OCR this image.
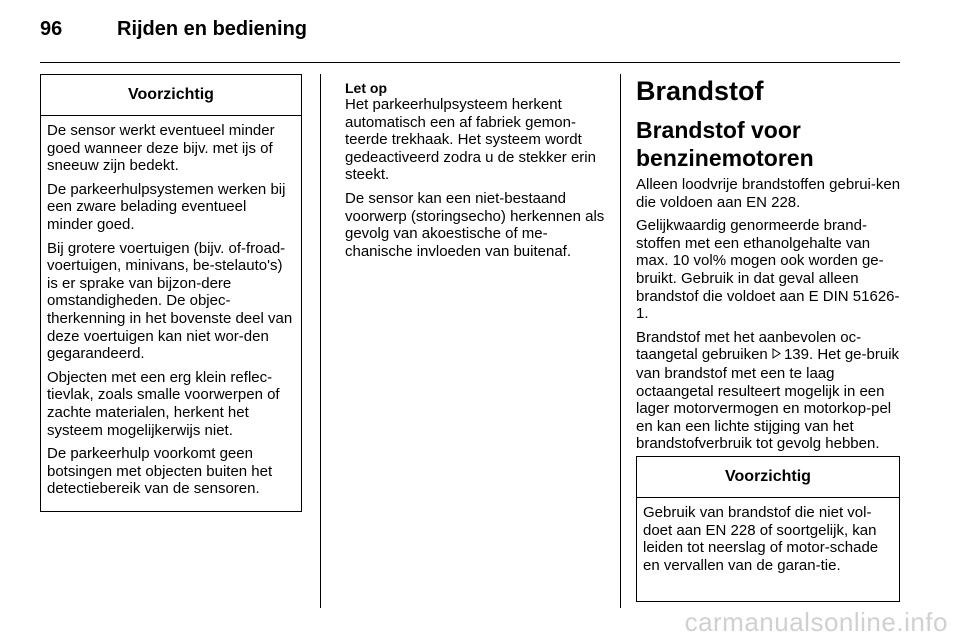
96	Rijden en bediening
Voorzichtig

De sensor werkt eventueel minder goed wanneer deze bijv. met ijs of sneeuw zijn bedekt.

De parkeerhulpsystemen werken bij een zware belading eventueel minder goed.

Bij grotere voertuigen (bijv. of-froad-voertuigen, minivans, be-stelauto's) is er sprake van bijzon-dere omstandigheden. De objec-therkenning in het bovenste deel van deze voertuigen kan niet wor-den gegarandeerd.

Objecten met een erg klein reflec-tievlak, zoals smalle voorwerpen of zachte materialen, herkent het systeem mogelijkerwijs niet.

De parkeerhulp voorkomt geen botsingen met objecten buiten het detectiebereik van de sensoren.

Let op

Het parkeerhulpsysteem herkent automatisch een af fabriek gemon-teerde trekhaak. Het systeem wordt gedeactiveerd zodra u de stekker erin steekt.

De sensor kan een niet-bestaand voorwerp (storingsecho) herkennen als gevolg van akoestische of me-chanische invloeden van buitenaf.

Brandstof
Brandstof voor benzinemotoren

Alleen loodvrije brandstoffen gebrui-ken die voldoen aan EN 228.

Gelijkwaardig genormeerde brand-stoffen met een ethanolgehalte van max. 10 vol% mogen ook worden ge-bruikt. Gebruik in dat geval alleen brandstof die voldoet aan E DIN 51626-1.

Brandstof met het aanbevolen oc-taangetal gebruiken 139. Het ge-bruik van brandstof met een te laag octaangetal resulteert mogelijk in een lager motorvermogen en motorkop-pel en kan een lichte stijging van het brandstofverbruik tot gevolg hebben.

Voorzichtig

Gebruik van brandstof die niet vol-doet aan EN 228 of soortgelijk, kan leiden tot neerslag of motor-schade en vervallen van de garan-tie.

carmanualsonline.info
